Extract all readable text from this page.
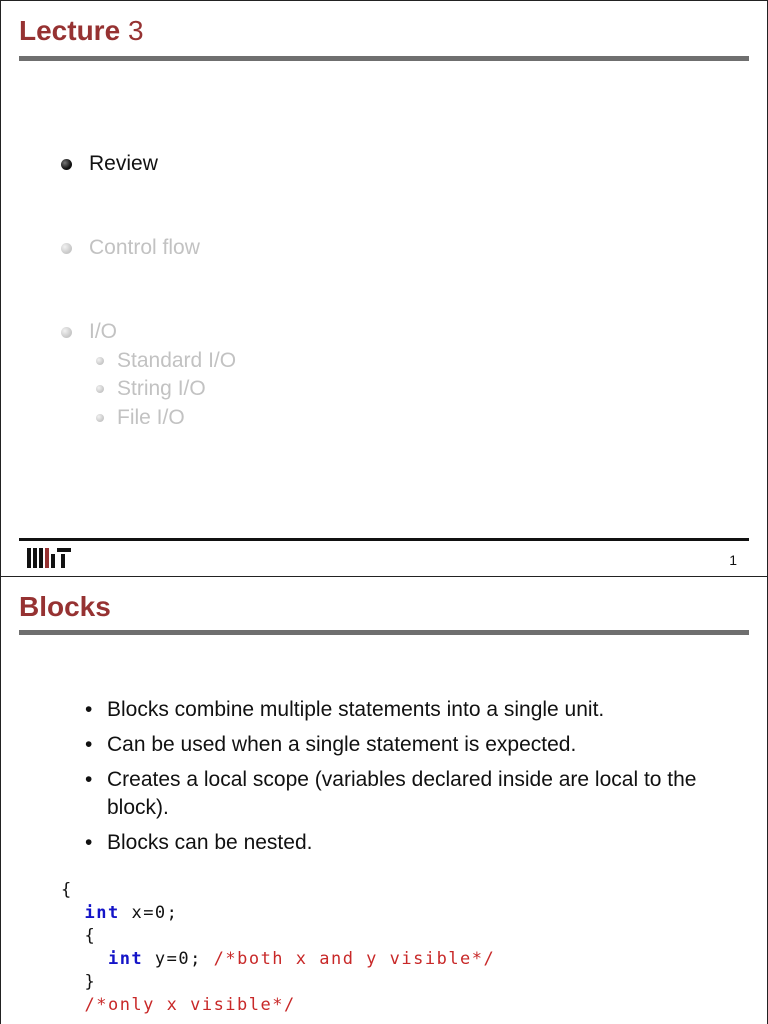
Lecture 3
Review
Control flow
I/O
Standard I/O
String I/O
File I/O
1
Blocks
• Blocks combine multiple statements into a single unit.
• Can be used when a single statement is expected.
• Creates a local scope (variables declared inside are local to the block).
• Blocks can be nested.
{
int x=0;
{
int y=0; /*both x and y visible*/
}
/*only x visible*/
